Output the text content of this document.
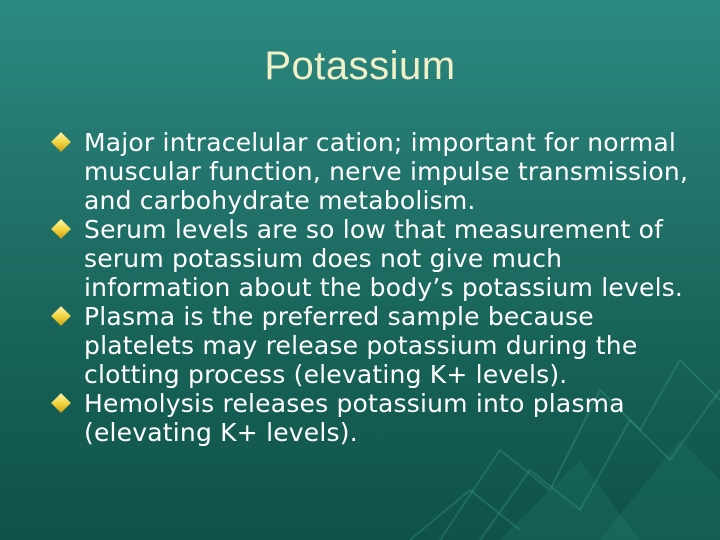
Potassium
Major intracelular cation; important for normal muscular function, nerve impulse transmission, and carbohydrate metabolism.
Serum levels are so low that measurement of serum potassium does not give much information about the body’s potassium levels.
Plasma is the preferred sample because platelets may release potassium during the clotting process (elevating K+ levels).
Hemolysis releases potassium into plasma (elevating K+ levels).
